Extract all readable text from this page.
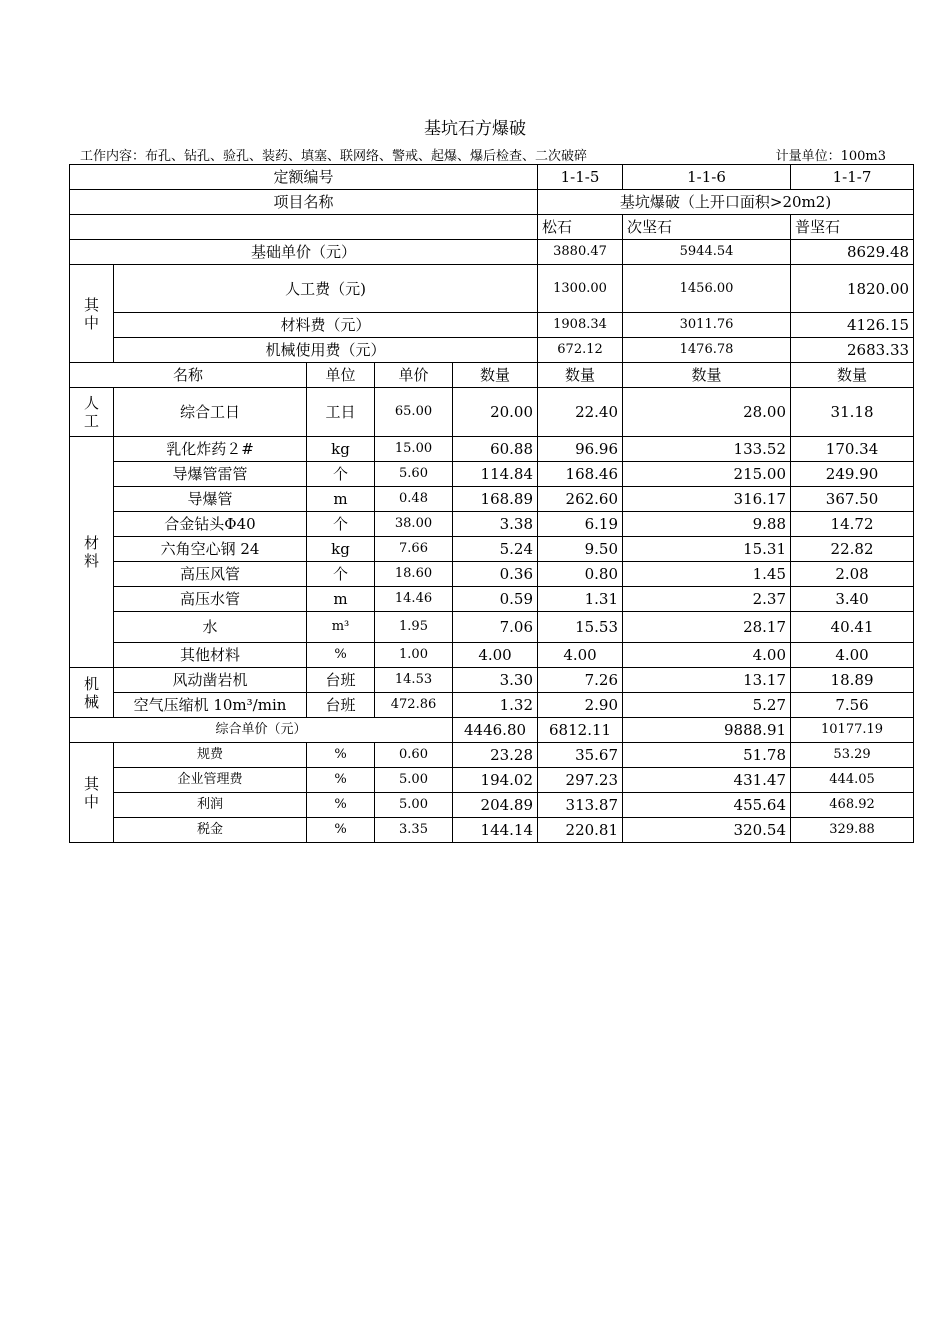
基坑石方爆破
工作内容：布孔、钻孔、验孔、装药、填塞、联网络、警戒、起爆、爆后检查、二次破碎	计量单位：100m3
定额编号					1-1-5	1-1-6	1-1-7	
项目名称					基坑爆破（上开口面积>20m2)			
					松石	次坚石	普坚石	
基础单价（元）					3880.47	5944.54	8629.48	
其
中	人工费（元)				1300.00	1456.00	1820.00	
	材料费（元）				1908.34	3011.76	4126.15	
	机械使用费（元）				672.12	1476.78	2683.33	
名称		单位	单价	数量	数量	数量	数量	
人
工	综合工日	工日	65.00	20.00	22.40	28.00	31.18	
材
料	乳化炸药２#	kg	15.00	60.88	96.96	133.52	170.34	
	导爆管雷管	个	5.60	114.84	168.46	215.00	249.90	
	导爆管	m	0.48	168.89	262.60	316.17	367.50	
	合金钻头Φ40	个	38.00	3.38	6.19	9.88	14.72	
	六角空心钢 24	kg	7.66	5.24	9.50	15.31	22.82	
	高压风管	个	18.60	0.36	0.80	1.45	2.08	
	高压水管	m	14.46	0.59	1.31	2.37	3.40	
	水	m³	1.95	7.06	15.53	28.17	40.41	
	其他材料	%	1.00	4.00	4.00	4.00	4.00	
机
械	风动凿岩机	台班	14.53	3.30	7.26	13.17	18.89	
	空气压缩机 10m³/min	台班	472.86	1.32	2.90	5.27	7.56	
综合单价（元）				4446.80	6812.11	9888.91	10177.19	
其
中	规费	%	0.60	23.28	35.67	51.78	53.29	
	企业管理费	%	5.00	194.02	297.23	431.47	444.05	
	利润	%	5.00	204.89	313.87	455.64	468.92	
	税金	%	3.35	144.14	220.81	320.54	329.88	
